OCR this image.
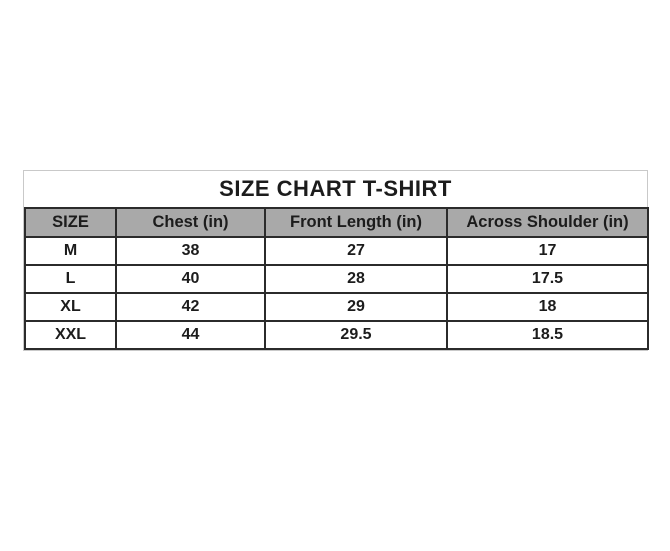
SIZE CHART T-SHIRT
SIZE	Chest (in)	Front Length (in)	Across Shoulder (in)
M	38	27	17
L	40	28	17.5
XL	42	29	18
XXL	44	29.5	18.5
